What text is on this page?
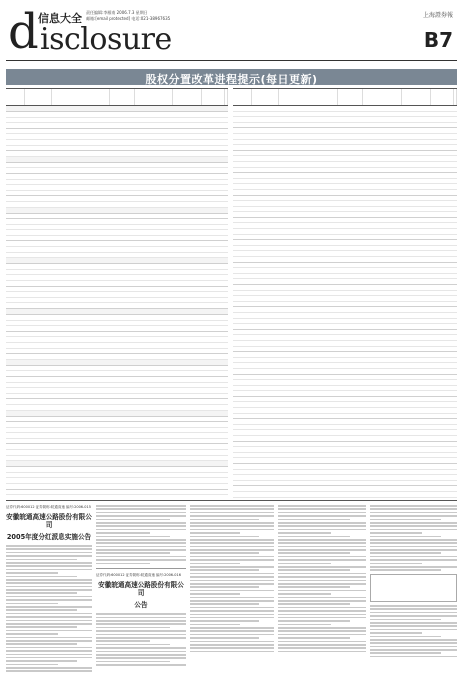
d 信息大全 责任编辑:李雁南 2006.7.3 星期日
邮箱:[email protected] 电话:021-38967635
isclosure
上海證券報
B7
股权分置改革进程提示(每日更新)
证券代码:600012 证券简称:皖通高速 编号:2006-015
安徽皖通高速公路股份有限公司
2005年度分红派息实施公告
证券代码:600012 证券简称:皖通高速 编号:2006-016
安徽皖通高速公路股份有限公司
公告
